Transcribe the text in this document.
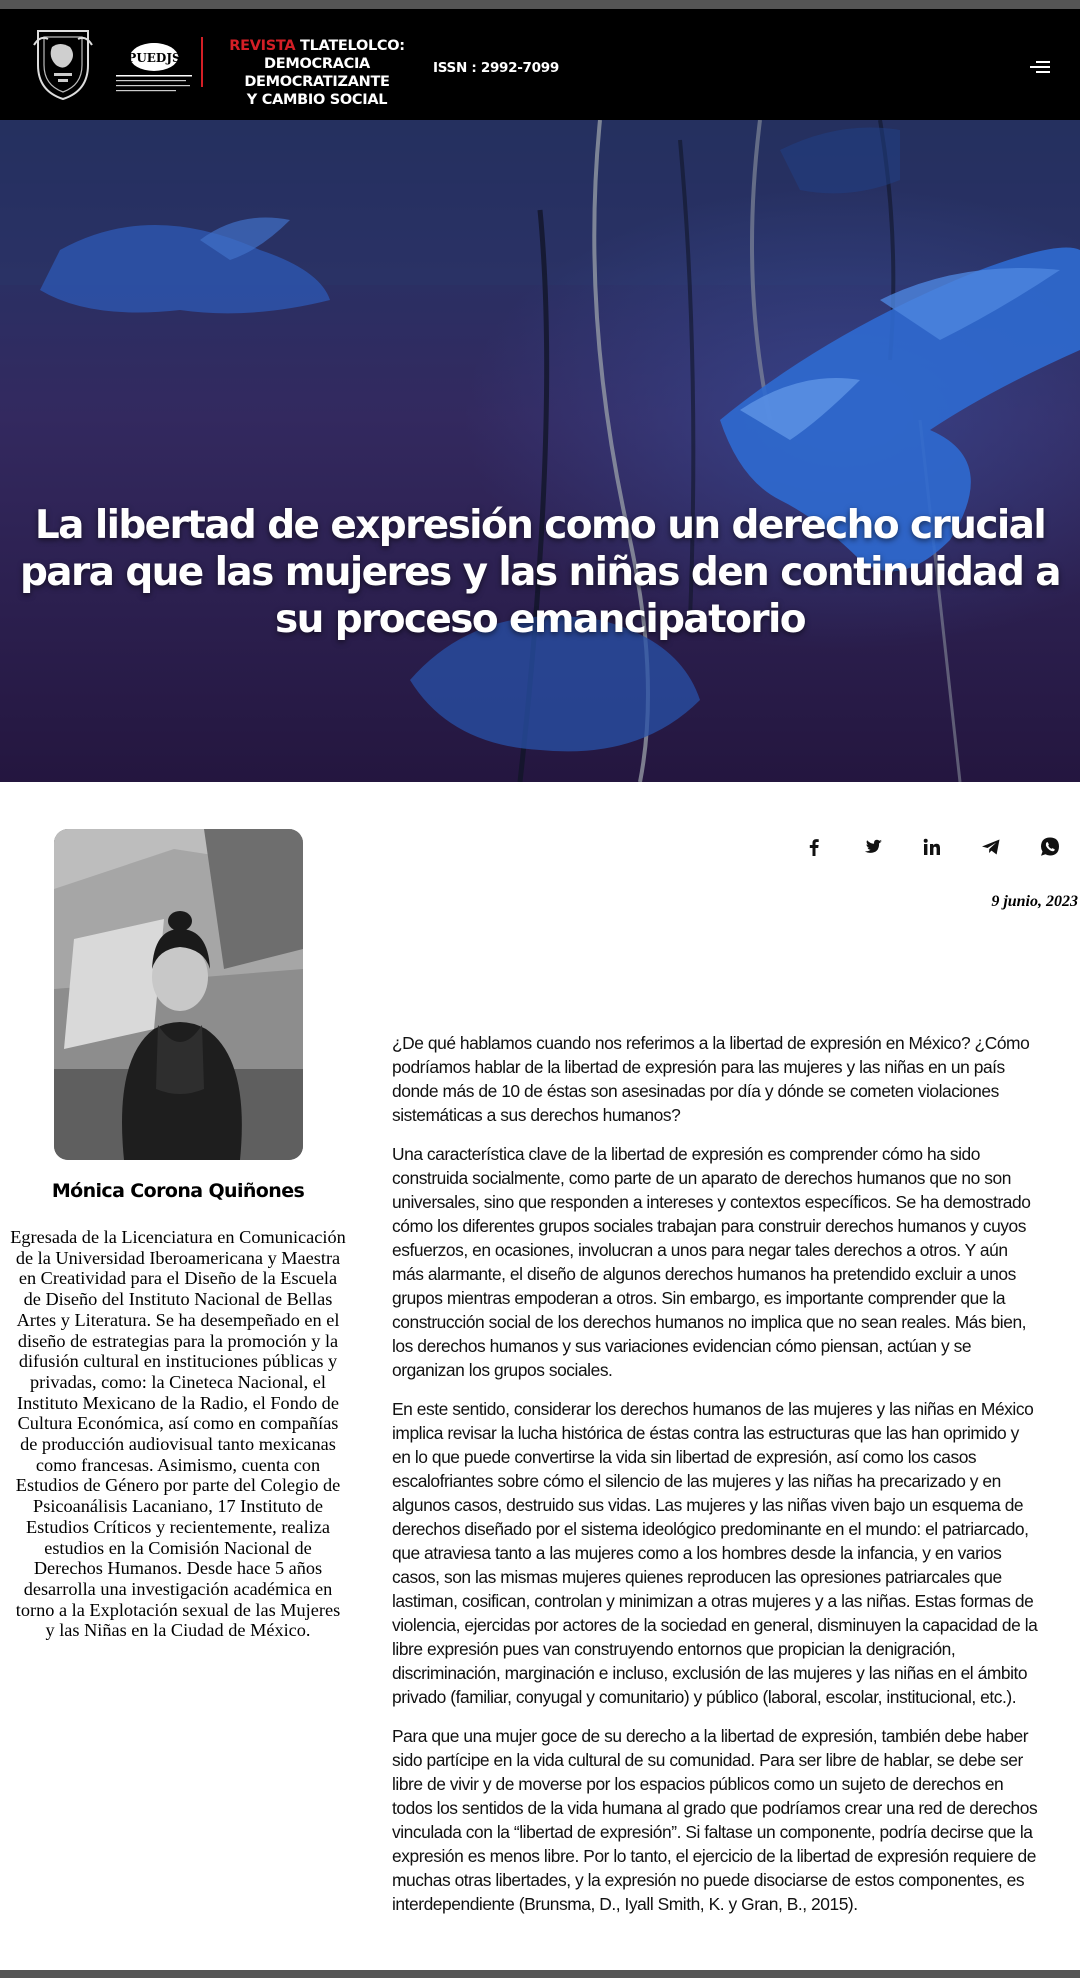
PUEDJS
REVISTA TLATELOLCO:
DEMOCRACIA DEMOCRATIZANTE
Y CAMBIO SOCIAL
ISSN : 2992-7099
La libertad de expresión como un derecho crucial para que las mujeres y las niñas den continuidad a su proceso emancipatorio
Mónica Corona Quiñones

Egresada de la Licenciatura en Comunicación de la Universidad Iberoamericana y Maestra en Creatividad para el Diseño de la Escuela de Diseño del Instituto Nacional de Bellas Artes y Literatura. Se ha desempeñado en el diseño de estrategias para la promoción y la difusión cultural en instituciones públicas y privadas, como: la Cineteca Nacional, el Instituto Mexicano de la Radio, el Fondo de Cultura Económica, así como en compañías de producción audiovisual tanto mexicanas como francesas. Asimismo, cuenta con Estudios de Género por parte del Colegio de Psicoanálisis Lacaniano, 17 Instituto de Estudios Críticos y recientemente, realiza estudios en la Comisión Nacional de Derechos Humanos. Desde hace 5 años desarrolla una investigación académica en torno a la Explotación sexual de las Mujeres y las Niñas en la Ciudad de México.

9 junio, 2023

¿De qué hablamos cuando nos referimos a la libertad de expresión en México? ¿Cómo podríamos hablar de la libertad de expresión para las mujeres y las niñas en un país donde más de 10 de éstas son asesinadas por día y dónde se cometen violaciones sistemáticas a sus derechos humanos?

Una característica clave de la libertad de expresión es comprender cómo ha sido construida socialmente, como parte de un aparato de derechos humanos que no son universales, sino que responden a intereses y contextos específicos. Se ha demostrado cómo los diferentes grupos sociales trabajan para construir derechos humanos y cuyos esfuerzos, en ocasiones, involucran a unos para negar tales derechos a otros. Y aún más alarmante, el diseño de algunos derechos humanos ha pretendido excluir a unos grupos mientras empoderan a otros. Sin embargo, es importante comprender que la construcción social de los derechos humanos no implica que no sean reales. Más bien, los derechos humanos y sus variaciones evidencian cómo piensan, actúan y se organizan los grupos sociales.

En este sentido, considerar los derechos humanos de las mujeres y las niñas en México implica revisar la lucha histórica de éstas contra las estructuras que las han oprimido y en lo que puede convertirse la vida sin libertad de expresión, así como los casos escalofriantes sobre cómo el silencio de las mujeres y las niñas ha precarizado y en algunos casos, destruido sus vidas. Las mujeres y las niñas viven bajo un esquema de derechos diseñado por el sistema ideológico predominante en el mundo: el patriarcado, que atraviesa tanto a las mujeres como a los hombres desde la infancia, y en varios casos, son las mismas mujeres quienes reproducen las opresiones patriarcales que lastiman, cosifican, controlan y minimizan a otras mujeres y a las niñas. Estas formas de violencia, ejercidas por actores de la sociedad en general, disminuyen la capacidad de la libre expresión pues van construyendo entornos que propician la denigración, discriminación, marginación e incluso, exclusión de las mujeres y las niñas en el ámbito privado (familiar, conyugal y comunitario) y público (laboral, escolar, institucional, etc.).

Para que una mujer goce de su derecho a la libertad de expresión, también debe haber sido partícipe en la vida cultural de su comunidad. Para ser libre de hablar, se debe ser libre de vivir y de moverse por los espacios públicos como un sujeto de derechos en todos los sentidos de la vida humana al grado que podríamos crear una red de derechos vinculada con la “libertad de expresión”. Si faltase un componente, podría decirse que la expresión es menos libre. Por lo tanto, el ejercicio de la libertad de expresión requiere de muchas otras libertades, y la expresión no puede disociarse de estos componentes, es interdependiente (Brunsma, D., Iyall Smith, K. y Gran, B., 2015).
